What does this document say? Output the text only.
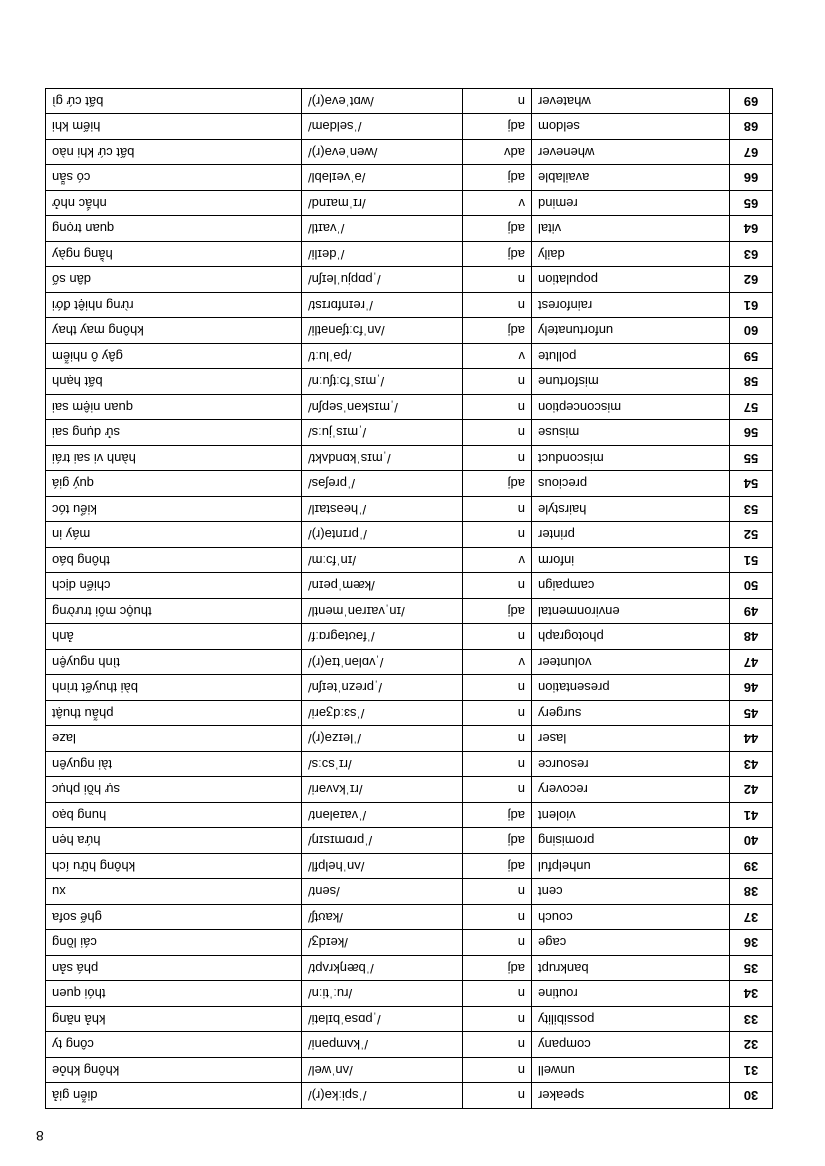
8
30	speaker	n	/ˈspiːkə(r)/	diễn giả
31	unwell	n	/ʌnˈwel/	không khỏe
32	company	n	/ˈkʌmpəni/	công ty
33	possibility	n	/ˌpɒsəˈbɪləti/	khả năng
34	routine	n	/ruːˈtiːn/	thói quen
35	bankrupt	adj	/ˈbæŋkrʌpt/	phá sản
36	cage	n	/keɪdʒ/	cái lồng
37	couch	n	/kaʊtʃ/	ghế sofa
38	cent	n	/sent/	xu
39	unhelpful	adj	/ʌnˈhelpfl/	không hữu ích
40	promising	adj	/ˈprɒmɪsɪŋ/	hứa hẹn
41	violent	adj	/ˈvaɪələnt/	hung bạo
42	recovery	n	/rɪˈkʌvəri/	sự hồi phục
43	resource	n	/rɪˈsɔːs/	tài nguyên
44	laser	n	/ˈleɪzə(r)/	laze
45	surgery	n	/ˈsɜːdʒəri/	phẫu thuật
46	presentation	n	/ˌpreznˈteɪʃn/	bài thuyết trình
47	volunteer	v	/ˌvɒlənˈtɪə(r)/	tình nguyện
48	photograph	n	/ˈfəʊtəɡrɑːf/	ảnh
49	environmental	adj	/ɪnˌvaɪrənˈmentl/	thuộc môi trường
50	campaign	n	/kæmˈpeɪn/	chiến dịch
51	inform	v	/ɪnˈfɔːm/	thông báo
52	printer	n	/ˈprɪntə(r)/	máy in
53	hairstyle	n	/ˈheəstaɪl/	kiểu tóc
54	precious	adj	/ˈpreʃəs/	quý giá
55	misconduct	n	/ˌmɪsˈkɒndʌkt/	hành vi sai trái
56	misuse	n	/ˌmɪsˈjuːs/	sử dụng sai
57	misconception	n	/ˌmɪskənˈsepʃn/	quan niệm sai
58	misfortune	n	/ˌmɪsˈfɔːtʃuːn/	bất hạnh
59	pollute	v	/pəˈluːt/	gây ô nhiễm
60	unfortunately	adj	/ʌnˈfɔːtʃənətli/	không may thay
61	rainforest	n	/ˈreɪnfɒrɪst/	rừng nhiệt đới
62	population	n	/ˌpɒpjuˈleɪʃn/	dân số
63	daily	adj	/ˈdeɪli/	hằng ngày
64	vital	adj	/ˈvaɪtl/	quan trọng
65	remind	v	/rɪˈmaɪnd/	nhắc nhở
66	available	adj	/əˈveɪləbl/	có sẵn
67	whenever	adv	/wenˈevə(r)/	bất cứ khi nào
68	seldom	adj	/ˈseldəm/	hiếm khi
69	whatever	n	/wɒtˈevə(r)/	bất cứ gì
